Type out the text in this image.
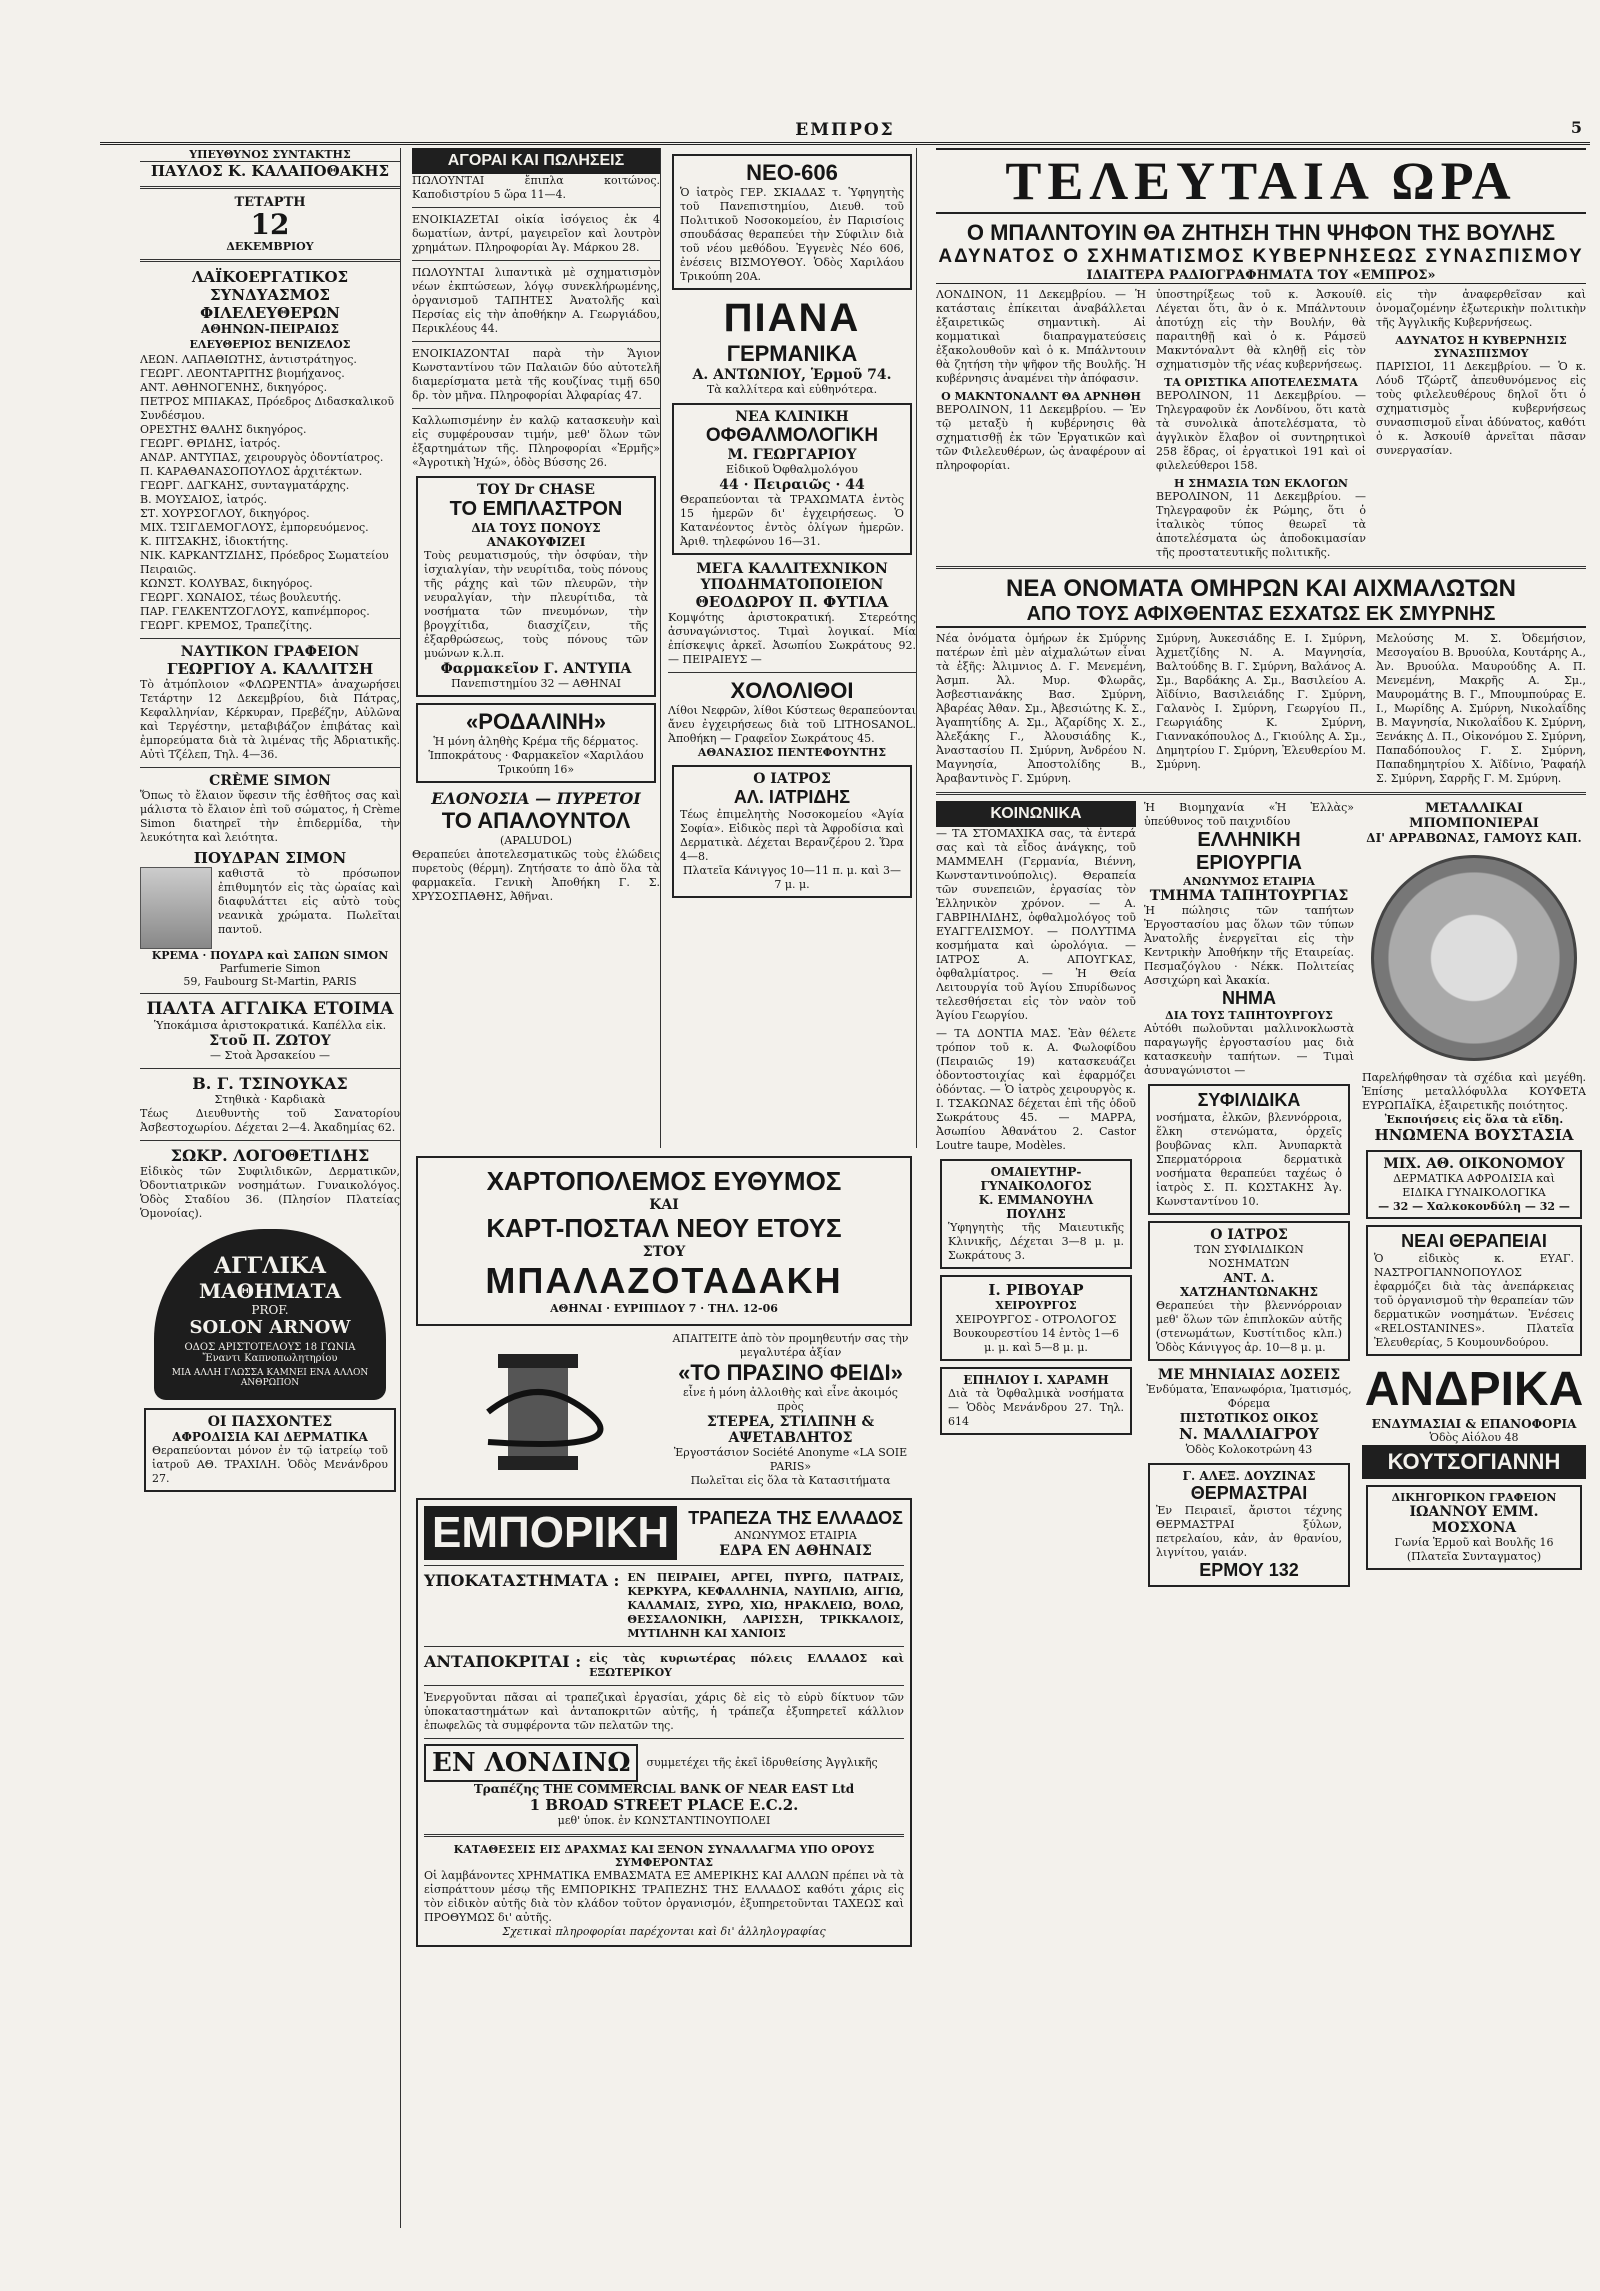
ΕΜΠΡΟΣ	5
ΥΠΕΥΘΥΝΟΣ ΣΥΝΤΑΚΤΗΣ
ΠΑΥΛΟΣ Κ. ΚΑΛΑΠΟΘΑΚΗΣ
ΤΕΤΑΡΤΗ
12
ΔΕΚΕΜΒΡΙΟΥ
ΛΑΪΚΟΕΡΓΑΤΙΚΟΣ ΣΥΝΔΥΑΣΜΟΣ ΦΙΛΕΛΕΥΘΕΡΩΝ
ΑΘΗΝΩΝ-ΠΕΙΡΑΙΩΣ
ΕΛΕΥΘΕΡΙΟΣ ΒΕΝΙΖΕΛΟΣ
ΛΕΩΝ. ΛΑΠΑΘΙΩΤΗΣ, ἀντιστράτηγος.
ΓΕΩΡΓ. ΛΕΟΝΤΑΡΙΤΗΣ βιομήχανος.
ΑΝΤ. ΑΘΗΝΟΓΕΝΗΣ, δικηγόρος.
ΠΕΤΡΟΣ ΜΠΙΑΚΑΣ, Πρόεδρος Διδασκαλικοῦ Συνδέσμου.
ΟΡΕΣΤΗΣ ΘΑΛΗΣ δικηγόρος.
ΓΕΩΡΓ. ΘΡΙΔΗΣ, ἰατρός.
ΑΝΔΡ. ΑΝΤΥΠΑΣ, χειρουργὸς ὀδοντίατρος.
Π. ΚΑΡΑΘΑΝΑΣΟΠΟΥΛΟΣ ἀρχιτέκτων.
ΓΕΩΡΓ. ΔΑΓΚΑΗΣ, συνταγματάρχης.
Β. ΜΟΥΣΑΙΟΣ, ἰατρός.
ΣΤ. ΧΟΥΡΣΟΓΛΟΥ, δικηγόρος.
ΜΙΧ. ΤΣΙΓΔΕΜΟΓΛΟΥΣ, ἐμπορευόμενος.
Κ. ΠΙΤΣΑΚΗΣ, ἰδιοκτήτης.
ΝΙΚ. ΚΑΡΚΑΝΤΖΙΔΗΣ, Πρόεδρος Σωματείου Πειραιῶς.
ΚΩΝΣΤ. ΚΟΛΥΒΑΣ, δικηγόρος.
ΓΕΩΡΓ. ΧΩΝΑΙΟΣ, τέως βουλευτής.
ΠΑΡ. ΓΕΛΚΕΝΤΖΟΓΛΟΥΣ, καπνέμπορος.
ΓΕΩΡΓ. ΚΡΕΜΟΣ, Τραπεζίτης.
ΝΑΥΤΙΚΟΝ ΓΡΑΦΕΙΟΝ
ΓΕΩΡΓΙΟΥ Α. ΚΑΛΛΙΤΣΗ
Τὸ ἀτμόπλοιον «ΦΛΩΡΕΝΤΙΑ» ἀναχωρήσει Τετάρτην 12 Δεκεμβρίου, διὰ Πάτρας, Κεφαλληνίαν, Κέρκυραν, Πρεβέζην, Αὐλῶνα καὶ Τεργέστην, μεταβιβάζον ἐπιβάτας καὶ ἐμπορεύματα διὰ τὰ λιμένας τῆς Ἀδριατικῆς. Αὐτὶ Τζέλεπ, Τηλ. 4—36.
CRÈME SIMON
Ὅπως τὸ ἔλαιον ὕφεσιν τῆς ἐσθῆτος σας καὶ μάλιστα τὸ ἔλαιον ἐπὶ τοῦ σώματος, ἡ Crème Simon διατηρεῖ τὴν ἐπιδερμίδα, τὴν λευκότητα καὶ λειότητα.
ΠΟΥΔΡΑΝ ΣΙΜΟΝ
καθιστᾶ τὸ πρόσωπον ἐπιθυμητόν εἰς τὰς ὡραίας καὶ διαφυλάττει εἰς αὐτὸ τοὺς νεανικὰ χρώματα. Πωλεῖται παντοῦ.
KΡΕΜΑ · ΠΟΥΔΡΑ καὶ ΣΑΠΩΝ SIMON
Parfumerie Simon
59, Faubourg St-Martin, PARIS
ΠΑΛΤΑ ΑΓΓΛΙΚΑ ΕΤΟΙΜΑ
Ὑποκάμισα ἀριστοκρατικά. Καπέλλα εἰκ.
Στοῦ Π. ΖΩΤΟΥ
— Στοὰ Ἀρσακείου —
Β. Γ. ΤΣΙΝΟΥΚΑΣ
Στηθικὰ · Καρδιακὰ
Τέως Διευθυντὴς τοῦ Σανατορίου Ἀσβεστοχωρίου. Δέχεται 2—4. Ἀκαδημίας 62.
ΣΩΚΡ. ΛΟΓΟΘΕΤΙΔΗΣ
Εἰδικὸς τῶν Συφιλιδικῶν, Δερματικῶν, Ὀδοντιατρικῶν νοσημάτων. Γυναικολόγος. Ὁδὸς Σταδίου 36. (Πλησίον Πλατείας Ὁμονοίας).
ΑΓΓΛΙΚΑ
ΜΑΘΗΜΑΤΑ
PROF.
SOLON ARNOW
ΟΔΟΣ ΑΡΙΣΤΟΤΕΛΟΥΣ 18 ΓΩΝΙΑ
Ἔναντι Καπνοπωλητηρίου
ΜΙΑ ΑΛΛΗ ΓΛΩΣΣΑ ΚΑΜΝΕΙ ΕΝΑ ΑΛΛΟΝ ΑΝΘΡΩΠΟΝ
ΟΙ ΠΑΣΧΟΝΤΕΣ
ΑΦΡΟΔΙΣΙΑ ΚΑΙ ΔΕΡΜΑΤΙΚΑ
Θεραπεύονται μόνον ἐν τῷ ἰατρείῳ τοῦ ἰατροῦ ΑΘ. ΤΡΑΧΙΛΗ. Ὁδὸς Μενάνδρου 27.
ΑΓΟΡΑΙ ΚΑΙ ΠΩΛΗΣΕΙΣ
ΠΩΛΟΥΝΤΑΙ ἔπιπλα κοιτώνος. Καποδιστρίου 5 ὥρα 11—4.
ΕΝΟΙΚΙΑΖΕΤΑΙ οἰκία ἰσόγειος ἐκ 4 δωματίων, ἀντρί, μαγειρεῖον καὶ λουτρὸν χρημάτων. Πληροφορίαι Ἀγ. Μάρκου 28.
ΠΩΛΟΥΝΤΑΙ λιπαντικὰ μὲ σχηματισμὸν νέων ἐκπτώσεων, λόγῳ συνεκλήρωμένης, ὀργανισμοῦ ΤΑΠΗΤΕΣ Ἀνατολῆς καὶ Περσίας εἰς τὴν ἀποθήκην Α. Γεωργιάδου, Περικλέους 44.
ΕΝΟΙΚΙΑΖΟΝΤΑΙ παρὰ τὴν Ἅγιον Κωνσταντίνου τῶν Παλαιῶν δύο αὐτοτελῆ διαμερίσματα μετὰ τῆς κουζίνας τιμῇ 650 δρ. τὸν μῆνα. Πληροφορίαι Ἀλφαρίας 47.
Καλλωπισμένην ἐν καλῷ κατασκευὴν καὶ εἰς συμφέρουσαν τιμήν, μεθ' ὅλων τῶν ἐξαρτημάτων τῆς. Πληροφορίαι «Ἑρμῆς» «Ἀγροτικὴ Ἠχώ», ὁδὸς Βύσσης 26.
ΤΟΥ Dr CHASE
ΤΟ ΕΜΠΛΑΣΤΡΟΝ
ΔΙΑ ΤΟΥΣ ΠΟΝΟΥΣ
ΑΝΑΚΟΥΦΙΖΕΙ
Τοὺς ρευματισμούς, τὴν ὀσφύαν, τὴν ἰσχιαλγίαν, τὴν νευρίτιδα, τοὺς πόνους τῆς ράχης καὶ τῶν πλευρῶν, τὴν νευραλγίαν, τὴν πλευρίτιδα, τὰ νοσήματα τῶν πνευμόνων, τὴν βρογχίτιδα, διασχίζειν, τῆς ἐξαρθρώσεως, τοὺς πόνους τῶν μυώνων κ.λ.π.
Φαρμακεῖον Γ. ΑΝΤΥΠΑ
Πανεπιστημίου 32 — ΑΘΗΝΑΙ
«ΡΟΔΑΛΙΝΗ»
Ἡ μόνη ἀληθὴς Κρέμα τῆς δέρματος.
Ἱπποκράτους · Φαρμακεῖον «Χαριλάου Τρικούπη 16»
ΕΛΟΝΟΣΙΑ — ΠΥΡΕΤΟΙ
ΤΟ ΑΠΑΛΟΥΝΤΟΛ
(APALUDOL)
Θεραπεύει ἀποτελεσματικῶς τοὺς ἐλώδεις πυρετοὺς (θέρμη). Ζητήσατε το ἀπὸ ὅλα τὰ φαρμακεῖα. Γενικὴ Ἀποθήκη Γ. Σ. ΧΡΥΣΟΣΠΑΘΗΣ, Ἀθῆναι.
ΝΕΟ-606
Ὁ ἰατρὸς ΓΕΡ. ΣΚΙΑΔΑΣ τ. Ὑφηγητὴς τοῦ Πανεπιστημίου, Διευθ. τοῦ Πολιτικοῦ Νοσοκομείου, ἐν Παρισίοις σπουδάσας θεραπεύει τὴν Σύφιλιν διὰ τοῦ νέου μεθόδου. Ἐγγενὲς Νέο 606, ἐνέσεις ΒΙΣΜΟΥΘΟΥ. Ὁδὸς Χαριλάου Τρικούπη 20Α.
ΠΙΑΝΑ
ΓΕΡΜΑΝΙΚΑ
Α. ΑΝΤΩΝΙΟΥ, Ἑρμοῦ 74.
Τὰ καλλίτερα καὶ εὐθηνότερα.
ΝΕΑ ΚΛΙΝΙΚΗ
ΟΦΘΑΛΜΟΛΟΓΙΚΗ
Μ. ΓΕΩΡΓΑΡΙΟΥ
Εἰδικοῦ Ὀφθαλμολόγου
44 · Πειραιῶς · 44
Θεραπεύονται τὰ ΤΡΑΧΩΜΑΤΑ ἐντὸς 15 ἡμερῶν δι' ἐγχειρήσεως. Ὁ Κατανέοντος ἐντὸς ὀλίγων ἡμερῶν. Ἀριθ. τηλεφώνου 16—31.
ΜΕΓΑ ΚΑΛΛΙΤΕΧΝΙΚΟΝ
ΥΠΟΔΗΜΑΤΟΠΟΙΕΙΟΝ
ΘΕΟΔΩΡΟΥ Π. ΦΥΤΙΛΑ
Κομψότης ἀριστοκρατική. Στερεότης ἀσυναγώνιστος. Τιμαὶ λογικαί. Μία ἐπίσκεψις ἀρκεῖ. Ἀσωπίου Σωκράτους 92. — ΠΕΙΡΑΙΕΥΣ —
ΧΟΛΟΛΙΘΟΙ
Λίθοι Νεφρῶν, λίθοι Κύστεως θεραπεύονται ἄνευ ἐγχειρήσεως διὰ τοῦ LITHOSANOL. Ἀποθήκη — Γραφεῖον Σωκράτους 45.
ΑΘΑΝΑΣΙΟΣ ΠΕΝΤΕΦΟΥΝΤΗΣ
Ο ΙΑΤΡΟΣ
ΑΛ. ΙΑΤΡΙΔΗΣ
Τέως ἐπιμελητὴς Νοσοκομείου «Ἀγία Σοφία». Εἰδικὸς περὶ τὰ Ἀφροδίσια καὶ Δερματικὰ. Δέχεται Βερανζέρου 2. Ὥρα 4—8.
Πλατεῖα Κάνιγγος 10—11 π. μ. καὶ 3—7 μ. μ.
ΧΑΡΤΟΠΟΛΕΜΟΣ ΕΥΘΥΜΟΣ
ΚΑΙ
ΚΑΡΤ-ΠΟΣΤΑΛ ΝΕΟΥ ΕΤΟΥΣ
ΣΤΟΥ
ΜΠΑΛΑΖΟΤΑΔΑΚΗ
ΑΘΗΝΑΙ · ΕΥΡΙΠΙΔΟΥ 7 · ΤΗΛ. 12-06
ΑΠΑΙΤΕΙΤΕ ἀπὸ τὸν προμηθευτήν σας τὴν μεγαλυτέρα ἀξίαν
«ΤΟ ΠΡΑΣΙΝΟ ΦΕΙΔΙ»
εἶνε ἡ μόνη ἀλλοιθὴς καὶ εἶνε ἀκοιμός πρὸς
ΣΤΕΡΕΑ, ΣΤΙΛΠΝΗ & ΑΨΕΤΑΒΛΗΤΟΣ
Ἐργοστάσιον Société Anonyme «LA SOIE PARIS»
Πωλεῖται εἰς ὅλα τὰ Κατασιτήματα
ΕΜΠΟΡΙΚΗ	ΤΡΑΠΕΖΑ ΤΗΣ ΕΛΛΑΔΟΣ
ΑΝΩΝΥΜΟΣ ΕΤΑΙΡΙΑ
ΕΔΡΑ ΕΝ ΑΘΗΝΑΙΣ
ΥΠΟΚΑΤΑΣΤΗΜΑΤΑ : ΕΝ ΠΕΙΡΑΙΕΙ, ΑΡΓΕΙ, ΠΥΡΓΩ, ΠΑΤΡΑΙΣ, ΚΕΡΚΥΡΑ, ΚΕΦΑΛΛΗΝΙΑ, ΝΑΥΠΛΙΩ, ΑΙΓΙΩ, ΚΑΛΑΜΑΙΣ, ΣΥΡΩ, ΧΙΩ, ΗΡΑΚΛΕΙΩ, ΒΟΛΩ, ΘΕΣΣΑΛΟΝΙΚΗ, ΛΑΡΙΣΣΗ, ΤΡΙΚΚΑΛΟΙΣ, ΜΥΤΙΛΗΝΗ ΚΑΙ ΧΑΝΙΟΙΣ
ΑΝΤΑΠΟΚΡΙΤΑΙ : εἰς τὰς κυριωτέρας πόλεις ΕΛΛΑΔΟΣ καὶ ΕΞΩΤΕΡΙΚΟΥ
Ἐνεργοῦνται πᾶσαι αἱ τραπεζικαὶ ἐργασίαι, χάρις δὲ εἰς τὸ εὐρὺ δίκτυον τῶν ὑποκαταστημάτων καὶ ἀνταποκριτῶν αὐτῆς, ἡ τράπεζα ἐξυπηρετεῖ κάλλιον ἐπωφελῶς τὰ συμφέροντα τῶν πελατῶν της.
ΕΝ ΛΟΝΔΙΝΩ	συμμετέχει τῆς ἐκεῖ ἰδρυθείσης Ἀγγλικῆς
Τραπέζης THE COMMERCIAL BANK OF NEAR EAST Ltd
1 BROAD STREET PLACE E.C.2.
μεθ' ὑποκ. ἐν ΚΩΝΣΤΑΝΤΙΝΟΥΠΟΛΕΙ
ΚΑΤΑΘΕΣΕΙΣ ΕΙΣ ΔΡΑΧΜΑΣ ΚΑΙ ΞΕΝΟΝ ΣΥΝΑΛΛΑΓΜΑ ΥΠΟ ΟΡΟΥΣ ΣΥΜΦΕΡΟΝΤΑΣ
Οἱ λαμβάνοντες ΧΡΗΜΑΤΙΚΑ ΕΜΒΑΣΜΑΤΑ ΕΞ ΑΜΕΡΙΚΗΣ ΚΑΙ ΑΛΛΩΝ πρέπει νὰ τὰ εἰσπράττουν μέσῳ τῆς ΕΜΠΟΡΙΚΗΣ ΤΡΑΠΕΖΗΣ ΤΗΣ ΕΛΛΑΔΟΣ καθότι χάρις εἰς τὸν εἰδικὸν αὐτῆς διὰ τὸν κλάδον τοῦτον ὀργανισμόν, ἐξυπηρετοῦνται ΤΑΧΕΩΣ καὶ ΠΡΟΘΥΜΩΣ δι' αὐτῆς.
Σχετικαὶ πληροφορίαι παρέχονται καὶ δι' ἀλληλογραφίας
ΤΕΛΕΥΤΑΙΑ ΩΡΑ
Ο ΜΠΑΛΝΤΟΥΙΝ ΘΑ ΖΗΤΗΣΗ ΤΗΝ ΨΗΦΟΝ ΤΗΣ ΒΟΥΛΗΣ
ΑΔΥΝΑΤΟΣ Ο ΣΧΗΜΑΤΙΣΜΟΣ ΚΥΒΕΡΝΗΣΕΩΣ ΣΥΝΑΣΠΙΣΜΟΥ
ΙΔΙΑΙΤΕΡΑ ΡΑΔΙΟΓΡΑΦΗΜΑΤΑ ΤΟΥ «ΕΜΠΡΟΣ»
ΛΟΝΔΙΝΟΝ, 11 Δεκεμβρίου. — Ἡ κατάσταις ἐπίκειται ἀναβάλλεται ἐξαιρετικῶς σημαντικὴ. Αἱ κομματικαὶ διαπραγματεύσεις ἐξακολουθοῦν καὶ ὁ κ. Μπάλντουιν θὰ ζητήση τὴν ψῆφον τῆς Βουλῆς. Ἡ κυβέρνησις ἀναμένει τὴν ἀπόφασιν.
Ο ΜΑΚΝΤΟΝΑΛΝΤ ΘΑ ΑΡΝΗΘΗ
ΒΕΡΟΛΙΝΟΝ, 11 Δεκεμβρίου. — Ἐν τῷ μεταξὺ ἡ κυβέρνησις θὰ σχηματισθῇ ἐκ τῶν Ἐργατικῶν καὶ τῶν Φιλελευθέρων, ὡς ἀναφέρουν αἱ πληροφορίαι.
ὑποστηρίξεως τοῦ κ. Ἀσκουίθ. Λέγεται ὅτι, ἂν ὁ κ. Μπάλντουιν ἀποτύχῃ εἰς τὴν Βουλήν, θὰ παραιτηθῇ καὶ ὁ κ. Ράμσεϋ Μακντόναλντ θὰ κληθῇ εἰς τὸν σχηματισμὸν τῆς νέας κυβερνήσεως.
ΤΑ ΟΡΙΣΤΙΚΑ ΑΠΟΤΕΛΕΣΜΑΤΑ
ΒΕΡΟΛΙΝΟΝ, 11 Δεκεμβρίου. — Τηλεγραφοῦν ἐκ Λονδίνου, ὅτι κατὰ τὰ συνολικὰ ἀποτελέσματα, τὸ ἀγγλικὸν ἔλαβον οἱ συντηρητικοὶ 258 ἕδρας, οἱ ἐργατικοὶ 191 καὶ οἱ φιλελεύθεροι 158.
Η ΣΗΜΑΣΙΑ ΤΩΝ ΕΚΛΟΓΩΝ
ΒΕΡΟΛΙΝΟΝ, 11 Δεκεμβρίου. — Τηλεγραφοῦν ἐκ Ρώμης, ὅτι ὁ ἰταλικὸς τύπος θεωρεῖ τὰ ἀποτελέσματα ὡς ἀποδοκιμασίαν τῆς προστατευτικῆς πολιτικῆς.
εἰς τὴν ἀναφερθεῖσαν καὶ ὀνομαζομένην ἐξωτερικὴν πολιτικὴν τῆς Ἀγγλικῆς Κυβερνήσεως.
ΑΔΥΝΑΤΟΣ Η ΚΥΒΕΡΝΗΣΙΣ ΣΥΝΑΣΠΙΣΜΟΥ
ΠΑΡΙΣΙΟΙ, 11 Δεκεμβρίου. — Ὁ κ. Λόυδ Τζώρτζ ἀπευθυνόμενος εἰς τοὺς φιλελευθέρους δηλοῖ ὅτι ὁ σχηματισμὸς κυβερνήσεως συνασπισμοῦ εἶναι ἀδύνατος, καθότι ὁ κ. Ἀσκουίθ ἀρνεῖται πᾶσαν συνεργασίαν.
ΝΕΑ ΟΝΟΜΑΤΑ ΟΜΗΡΩΝ ΚΑΙ ΑΙΧΜΑΛΩΤΩΝ
ΑΠΟ ΤΟΥΣ ΑΦΙΧΘΕΝΤΑΣ ΕΣΧΑΤΩΣ ΕΚ ΣΜΥΡΝΗΣ
Νέα ὀνόματα ὁμήρων ἐκ Σμύρνης πατέρων ἐπὶ μὲν αἰχμαλώτων εἶναι τὰ ἑξῆς: Ἀλιμνιος Δ. Γ. Μενεμένη, Ἀσμπ. Ἀλ. Μυρ. Φλωρᾶς, Ἀσβεστιανάκης Βασ. Σμύρνη, Ἀβαρέας Ἀθαν. Σμ., Ἀβεσιώτης Κ. Σ., Ἀγαπητίδης Α. Σμ., Ἀζαρίδης Χ. Σ., Ἀλεξάκης Γ., Ἀλουσιάδης Κ., Ἀναστασίου Π. Σμύρνη, Ἀνδρέου Ν. Μαγνησία, Ἀποστολίδης Β., Ἀραβαντινὸς Γ. Σμύρνη.
Σμύρνη, Ἀυκεσιάδης Ε. Ι. Σμύρνη, Ἀχμετζίδης Ν. Α. Μαγνησία, Βαλτούδης Β. Γ. Σμύρνη, Βαλάνος Α. Σμ., Βαρδάκης Α. Σμ., Βασιλείου Α. Ἀϊδίνιο, Βασιλειάδης Γ. Σμύρνη, Γαλανὸς Ι. Σμύρνη, Γεωργίου Π., Γεωργιάδης Κ. Σμύρνη, Γιαννακόπουλος Δ., Γκιούλης Α. Σμ., Δημητρίου Γ. Σμύρνη, Ἐλευθερίου Μ. Σμύρνη.
Μελούσης Μ. Σ. Ὀδεμήσιον, Μεσογαίου Β. Βρυούλα, Κουτάρης Α., Ἀν. Βρυούλα. Μαυρούδης Α. Π. Μενεμένη, Μακρῆς Α. Σμ., Μαυρομάτης Β. Γ., Μπουμπούρας Ε. Ι., Μωρίδης Α. Σμύρνη, Νικολαΐδης Β. Μαγνησία, Νικολαΐδου Κ. Σμύρνη, Ξενάκης Δ. Π., Οἰκονόμου Σ. Σμύρνη, Παπαδόπουλος Γ. Σ. Σμύρνη, Παπαδημητρίου Χ. Ἀϊδίνιο, Ῥαφαήλ Σ. Σμύρνη, Σαρρῆς Γ. Μ. Σμύρνη.
ΚΟΙΝΩΝΙΚΑ
— ΤΑ ΣΤΟΜΑΧΙΚΑ σας, τὰ ἐντερά σας καὶ τὰ εἶδος ἀνάγκης, τοῦ ΜΑΜΜΕΛΗ (Γερμανία, Βιέννη, Κωνσταντινούπολις). Θεραπεία τῶν συνεπειῶν, ἐργασίας τὸν Ἑλληνικὸν χρόνον. — Α. ΓΑΒΡΙΗΛΙΔΗΣ, ὀφθαλμολόγος τοῦ ΕΥΑΓΓΕΛΙΣΜΟΥ. — ΠΟΛΥΤΙΜΑ κοσμήματα καὶ ὡρολόγια. — ΙΑΤΡΟΣ Α. ΑΠΟΥΓΚΑΣ, ὀφθαλμίατρος. — Ἡ Θεία Λειτουργία τοῦ Ἁγίου Σπυρίδωνος τελεσθήσεται εἰς τὸν ναὸν τοῦ Ἁγίου Γεωργίου.
— ΤΑ ΔΟΝΤΙΑ ΜΑΣ. Ἐὰν θέλετε τρόπον τοῦ κ. Α. Φωλοφίδου (Πειραιῶς 19) κατασκευάζει ὀδοντοστοιχίας καὶ ἐφαρμόζει ὀδόντας. — Ὁ ἰατρὸς χειρουργὸς κ. Ι. ΤΣΑΚΩΝΑΣ δέχεται ἐπὶ τῆς ὁδοῦ Σωκράτους 45. — ΜΑΡΡΑ, Ἀσωπίου Ἀθανάτου 2. Castor Loutre taupe, Modèles.
ΟΜΑΙΕΥΤΗΡ-ΓΥΝΑΙΚΟΛΟΓΟΣ
Κ. ΕΜΜΑΝΟΥΗΛ ΠΟΥΛΗΣ
Ὑφηγητὴς τῆς Μαιευτικῆς Κλινικῆς, Δέχεται 3—8 μ. μ. Σωκράτους 3.
Ι. ΡΙΒΟΥΑΡ
ΧΕΙΡΟΥΡΓΟΣ
ΧΕΙΡΟΥΡΓΟΣ - ΟΤΡΟΛΟΓΟΣ
Βουκουρεστίου 14 ἐντὸς 1—6 μ. μ. καὶ 5—8 μ. μ.
ΕΠΗΛΙΟΥ Ι. ΧΑΡΑΜΗ
Διὰ τὰ Ὀφθαλμικὰ νοσήματα — Ὁδὸς Μενάνδρου 27. Τηλ. 614
Ἡ Βιομηχανία «Ἡ Ἑλλὰς» ὑπεύθυνος τοῦ παιχνιδίου
ΕΛΛΗΝΙΚΗ ΕΡΙΟΥΡΓΙΑ
ΑΝΩΝΥΜΟΣ ΕΤΑΙΡΙΑ
ΤΜΗΜΑ ΤΑΠΗΤΟΥΡΓΙΑΣ
Ἡ πώλησις τῶν ταπήτων Ἐργοστασίου μας ὅλων τῶν τύπων Ἀνατολῆς ἐνεργεῖται εἰς τὴν Κεντρικὴν Ἀποθήκην τῆς Εταιρείας. Πεσμαζόγλου · Νέκκ. Πολιτείας Ασσιχώρη καὶ Ἀκακία.
ΝΗΜΑ
ΔΙΑ ΤΟΥΣ ΤΑΠΗΤΟΥΡΓΟΥΣ
Αὐτόθι πωλοῦνται μαλλινοκλωστὰ παραγωγῆς ἐργοστασίου μας διὰ κατασκευὴν ταπήτων. — Τιμαὶ ἀσυναγώνιστοι —
ΣΥΦΙΛΙΔΙΚΑ
νοσήματα, ἐλκῶν, βλεννόρροια, ἕλκη στενώματα, ὀρχεῖς βουβῶνας κλπ. Ἀνυπαρκτὰ Σπερματόρροια δερματικὰ νοσήματα θεραπεύει ταχέως ὁ ἰατρὸς Σ. Π. ΚΩΣΤΑΚΗΣ Ἀγ. Κωνσταντίνου 10.
Ο ΙΑΤΡΟΣ
ΤΩΝ ΣΥΦΙΛΙΔΙΚΩΝ ΝΟΣΗΜΑΤΩΝ
ΑΝΤ. Δ. ΧΑΤΖΗΑΝΤΩΝΑΚΗΣ
Θεραπεύει τὴν βλεννόρροιαν μεθ' ὅλων τῶν ἐπιπλοκῶν αὐτῆς (στενωμάτων, Κυστίτιδος κλπ.) Ὁδὸς Κάνιγγος ἀρ. 10—8 μ. μ.
ΜΕ ΜΗΝΙΑΙΑΣ ΔΟΣΕΙΣ
Ἐνδύματα, Ἐπανωφόρια, Ἱματισμός, Φόρεμα
ΠΙΣΤΩΤΙΚΟΣ ΟΙΚΟΣ
Ν. ΜΑΛΛΙΑΓΡΟΥ
Ὁδὸς Κολοκοτρώνη 43
Γ. ΑΛΕΞ. ΔΟΥΖΙΝΑΣ
ΘΕΡΜΑΣΤΡΑΙ
Ἐν Πειραιεῖ, ἄριστοι τέχνης ΘΕΡΜΑΣΤΡΑΙ ξύλων, πετρελαίου, κἀν, ἀν θρανίου, λιγνίτου, γαιάν.
ΕΡΜΟΥ 132
ΜΕΤΑΛΛΙΚΑΙ ΜΠΟΜΠΟΝΙΕΡΑΙ
ΔΙ' ΑΡΡΑΒΩΝΑΣ, ΓΑΜΟΥΣ ΚΑΠ.
Παρελήφθησαν τὰ σχέδια καὶ μεγέθη. Ἐπίσης μεταλλόφυλλα ΚΟΥΦΕΤΑ ΕΥΡΩΠΑΪΚΑ, ἐξαιρετικῆς ποιότητος.
Ἐκποιήσεις εἰς ὅλα τὰ εἴδη.
ΗΝΩΜΕΝΑ ΒΟΥΣΤΑΣΙΑ
ΜΙΧ. ΑΘ. ΟΙΚΟΝΟΜΟΥ
ΔΕΡΜΑΤΙΚΑ ΑΦΡΟΔΙΣΙΑ καὶ ΕΙΔΙΚΑ ΓΥΝΑΙΚΟΛΟΓΙΚΑ
— 32 — Χαλκοκονδύλη — 32 —
ΝΕΑΙ ΘΕΡΑΠΕΙΑΙ
Ὁ εἰδικὸς κ. ΕΥΑΓ. ΝΑΣΤΡΟΓΙΑΝΝΟΠΟΥΛΟΣ ἐφαρμόζει διὰ τὰς ἀνεπάρκειας τοῦ ὀργανισμοῦ τὴν θεραπείαν τῶν δερματικῶν νοσημάτων. Ἐνέσεις «RELOSTANINES». Πλατεῖα Ἐλευθερίας, 5 Κουμουνδούρου.
ΑΝΔΡΙΚΑ
ΕΝΔΥΜΑΣΙΑΙ & ΕΠΑΝΟΦΟΡΙΑ
Ὁδὸς Αἰόλου 48
ΚΟΥΤΣΟΓΙΑΝΝΗ
ΔΙΚΗΓΟΡΙΚΟΝ ΓΡΑΦΕΙΟΝ
ΙΩΑΝΝΟΥ ΕΜΜ. ΜΟΣΧΟΝΑ
Γωνία Ἑρμοῦ καὶ Βουλῆς 16 (Πλατεῖα Συνταγματος)
